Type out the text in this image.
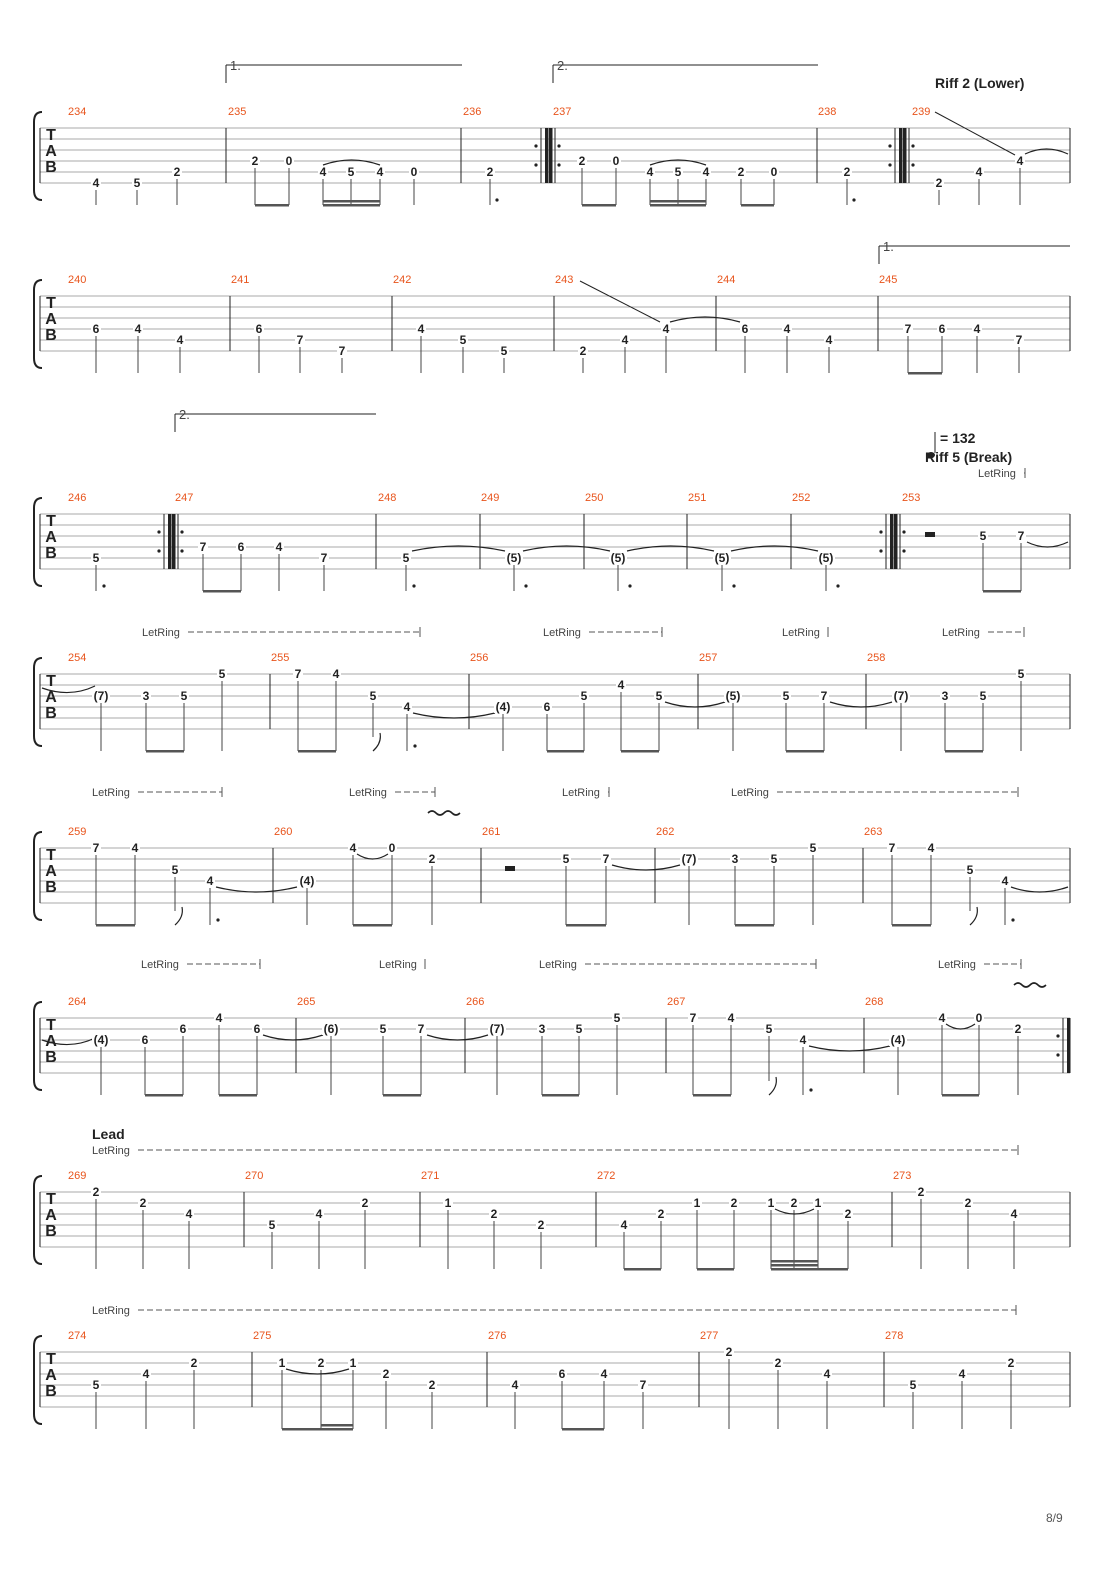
T
A
B
234	235	236	237	238	239
T
A
B
240	241	242	243	244	245
T
A
B
246	247	248	249	250	251	252	253
T
A
B
254	255	256	257	258
T
A
B
259	260	261	262	263
T
A
B
264	265	266	267	268
T
A
B
269	270	271	272	273
T
A
B
274	275	276	277	278
1.	2.
Riff 2 (Lower)
4	5
2
2 0
4 5 4 0	2
2 0
4 5 4 2 0	2
2
4
4
1.
6	4
4
6
7
7
4
5
5	2
4
4	6	4
4
7 6 4
7
2.
= 132
Riff 5 (Break)
LetRing
5
7	6	4
7	5	(5)	(5)	(5)	(5)
5	7
LetRing	LetRing	LetRing	LetRing
(7)	3	5
5	7	4
5
4	(4)	6
5
4
5	(5)	5	7	(7)	3	5
5
LetRing	LetRing	LetRing	LetRing
7	4
5
4	(4)
4	0
2	5	7	(7)	3	5
5	7	4
5
4
LetRing	LetRing	LetRing	LetRing
(4)	6
6
4
6	(6)	5	7	(7)	3	5
5	7	4
5
4	(4)
4	0
2
Lead
LetRing
2
2
4
5
4
2	1
2
2	4
2
1	2	1 2 1
2
2
2
4
LetRing
5
4
2	1	2 1
2
2	4
6	4
7
2
2
4
5
4
2
8/9
